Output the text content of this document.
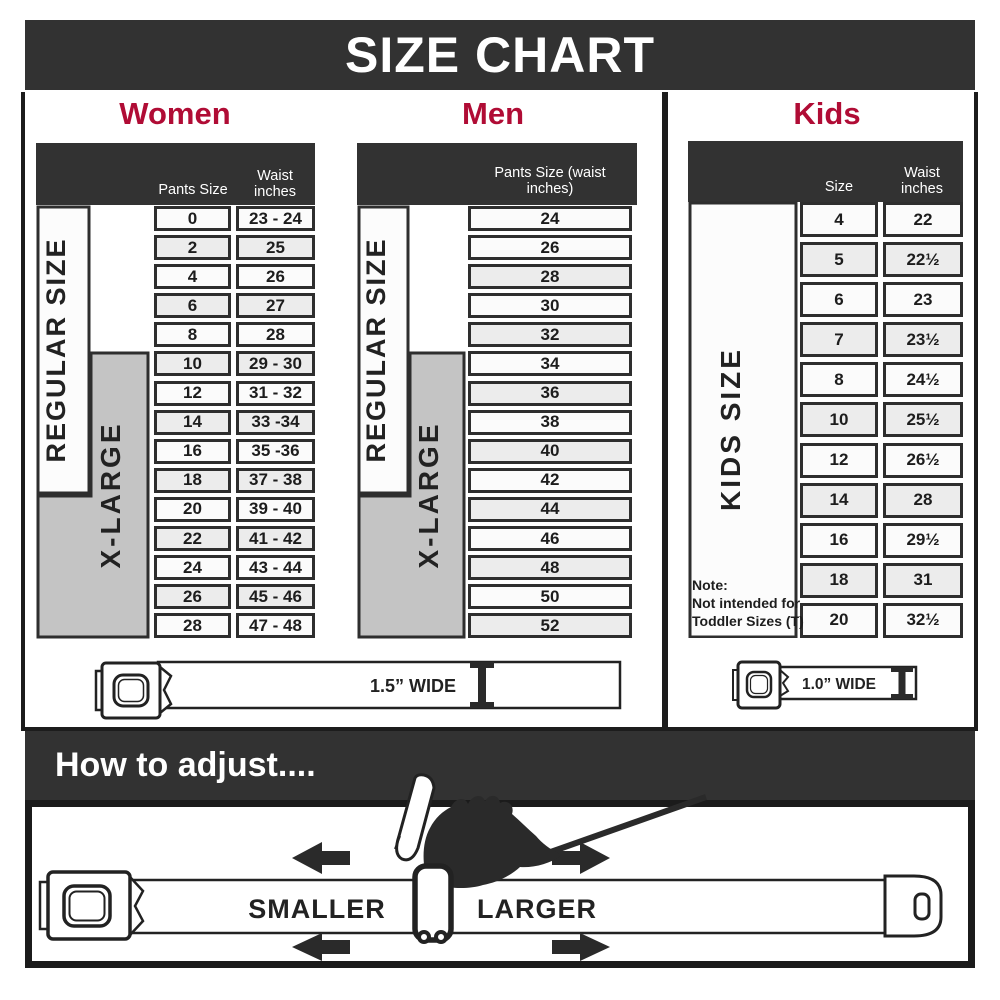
SIZE CHART
Women	Men	Kids
Pants Size
Waist inches
REGULAR SIZE
X-LARGE
0	23 - 24
2	25
4	26
6	27
8	28
10	29 - 30
12	31 - 32
14	33 -34
16	35 -36
18	37 - 38
20	39 - 40
22	41 - 42
24	43 - 44
26	45 - 46
28	47 - 48
Pants Size (waist inches)
REGULAR SIZE
X-LARGE
24
26
28
30
32
34
36
38
40
42
44
46
48
50
52
Size
Waist inches
KIDS SIZE
4	22
5	22½
6	23
7	23½
8	24½
10	25½
12	26½
14	28
16	29½
18	31
20	32½
Note:
Not intended for
Toddler Sizes (T)
1.5” WIDE	1.0” WIDE
How to adjust....
SMALLER	LARGER
